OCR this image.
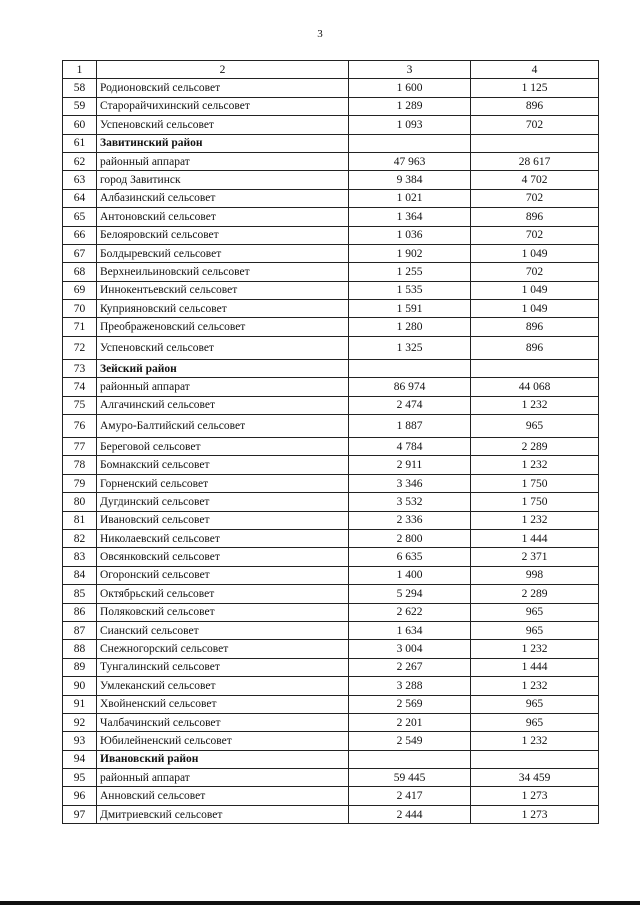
3
1	2	3	4
58	Родионовский сельсовет	1 600	1 125
59	Старорайчихинский сельсовет	1 289	896
60	Успеновский сельсовет	1 093	702
61	Завитинский район		
62	районный аппарат	47 963	28 617
63	город Завитинск	9 384	4 702
64	Албазинский сельсовет	1 021	702
65	Антоновский сельсовет	1 364	896
66	Белояровский сельсовет	1 036	702
67	Болдыревский сельсовет	1 902	1 049
68	Верхнеильиновский сельсовет	1 255	702
69	Иннокентьевский сельсовет	1 535	1 049
70	Куприяновский сельсовет	1 591	1 049
71	Преображеновский сельсовет	1 280	896
72	Успеновский сельсовет	1 325	896
73	Зейский район		
74	районный аппарат	86 974	44 068
75	Алгачинский сельсовет	2 474	1 232
76	Амуро-Балтийский сельсовет	1 887	965
77	Береговой сельсовет	4 784	2 289
78	Бомнакский сельсовет	2 911	1 232
79	Горненский сельсовет	3 346	1 750
80	Дугдинский сельсовет	3 532	1 750
81	Ивановский сельсовет	2 336	1 232
82	Николаевский сельсовет	2 800	1 444
83	Овсянковский сельсовет	6 635	2 371
84	Огоронский сельсовет	1 400	998
85	Октябрьский сельсовет	5 294	2 289
86	Поляковский сельсовет	2 622	965
87	Сианский сельсовет	1 634	965
88	Снежногорский сельсовет	3 004	1 232
89	Тунгалинский сельсовет	2 267	1 444
90	Умлеканский сельсовет	3 288	1 232
91	Хвойненский сельсовет	2 569	965
92	Чалбачинский сельсовет	2 201	965
93	Юбилейненский сельсовет	2 549	1 232
94	Ивановский район		
95	районный аппарат	59 445	34 459
96	Анновский сельсовет	2 417	1 273
97	Дмитриевский сельсовет	2 444	1 273
